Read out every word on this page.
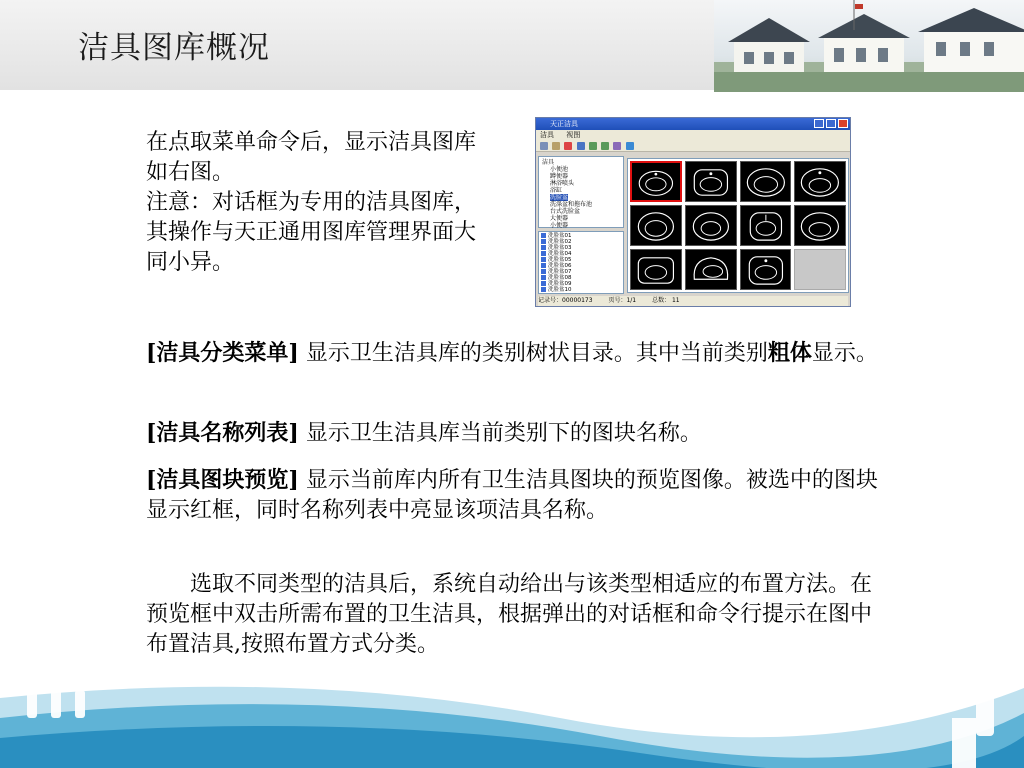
洁具图库概况

在点取菜单命令后，显示洁具图库如右图。

注意：对话框为专用的洁具图库，其操作与天正通用图库管理界面大同小异。

天正洁具
洁具 视图

洁具
小便池
蹲便器
淋浴喷头
浴缸
洗脸盆
洗涤盆和拖布池
台式洗脸盆
大便器
小便器
洗脸盆01
洗脸盆02
洗脸盆03
洗脸盆04
洗脸盆05
洗脸盆06
洗脸盆07
洗脸盆08
洗脸盆09
洗脸盆10
记录号：00000173	页号：1/1	总数： 11
[洁具分类菜单] 显示卫生洁具库的类别树状目录。其中当前类别粗体显示。
[洁具名称列表] 显示卫生洁具库当前类别下的图块名称。
[洁具图块预览] 显示当前库内所有卫生洁具图块的预览图像。被选中的图块显示红框，同时名称列表中亮显该项洁具名称。
选取不同类型的洁具后，系统自动给出与该类型相适应的布置方法。在预览框中双击所需布置的卫生洁具，根据弹出的对话框和命令行提示在图中布置洁具,按照布置方式分类。
